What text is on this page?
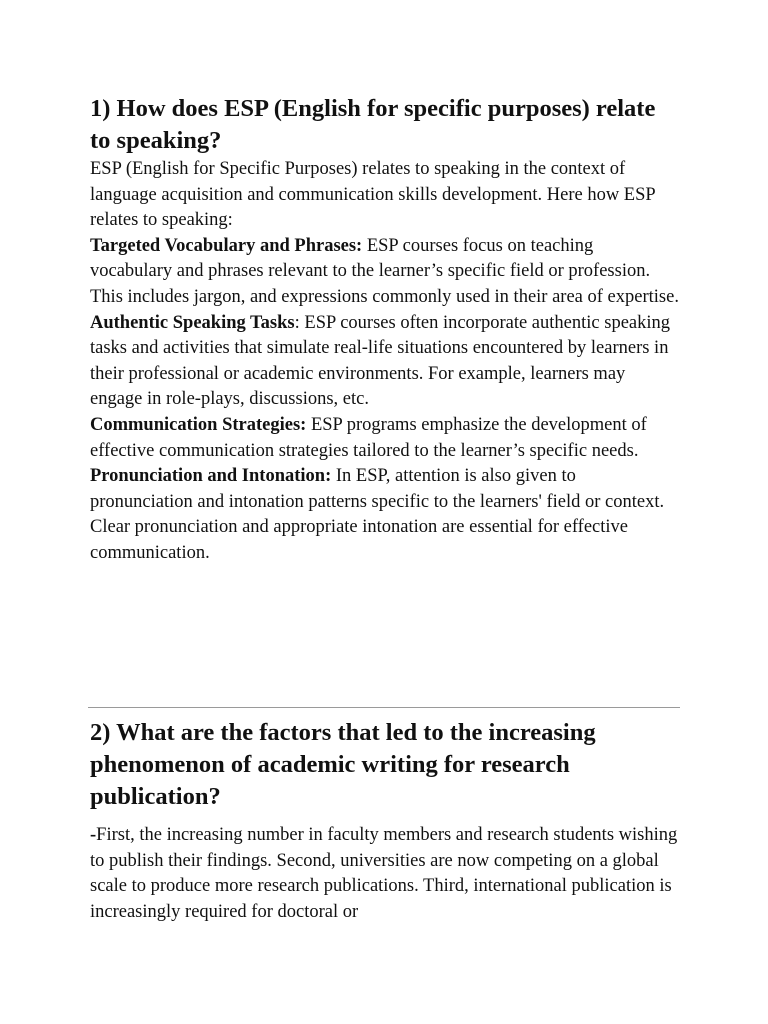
1) How does ESP (English for specific purposes) relate to speaking?

ESP (English for Specific Purposes) relates to speaking in the context of language acquisition and communication skills development. Here how ESP relates to speaking:

Targeted Vocabulary and Phrases: ESP courses focus on teaching vocabulary and phrases relevant to the learner’s specific field or profession. This includes jargon, and expressions commonly used in their area of expertise.

Authentic Speaking Tasks: ESP courses often incorporate authentic speaking tasks and activities that simulate real-life situations encountered by learners in their professional or academic environments. For example, learners may engage in role-plays, discussions, etc.

Communication Strategies: ESP programs emphasize the development of effective communication strategies tailored to the learner’s specific needs.

Pronunciation and Intonation: In ESP, attention is also given to pronunciation and intonation patterns specific to the learners' field or context. Clear pronunciation and appropriate intonation are essential for effective communication.

2) What are the factors that led to the increasing phenomenon of academic writing for research publication?

-First, the increasing number in faculty members and research students wishing to publish their findings. Second, universities are now competing on a global scale to produce more research publications. Third, international publication is increasingly required for doctoral or
